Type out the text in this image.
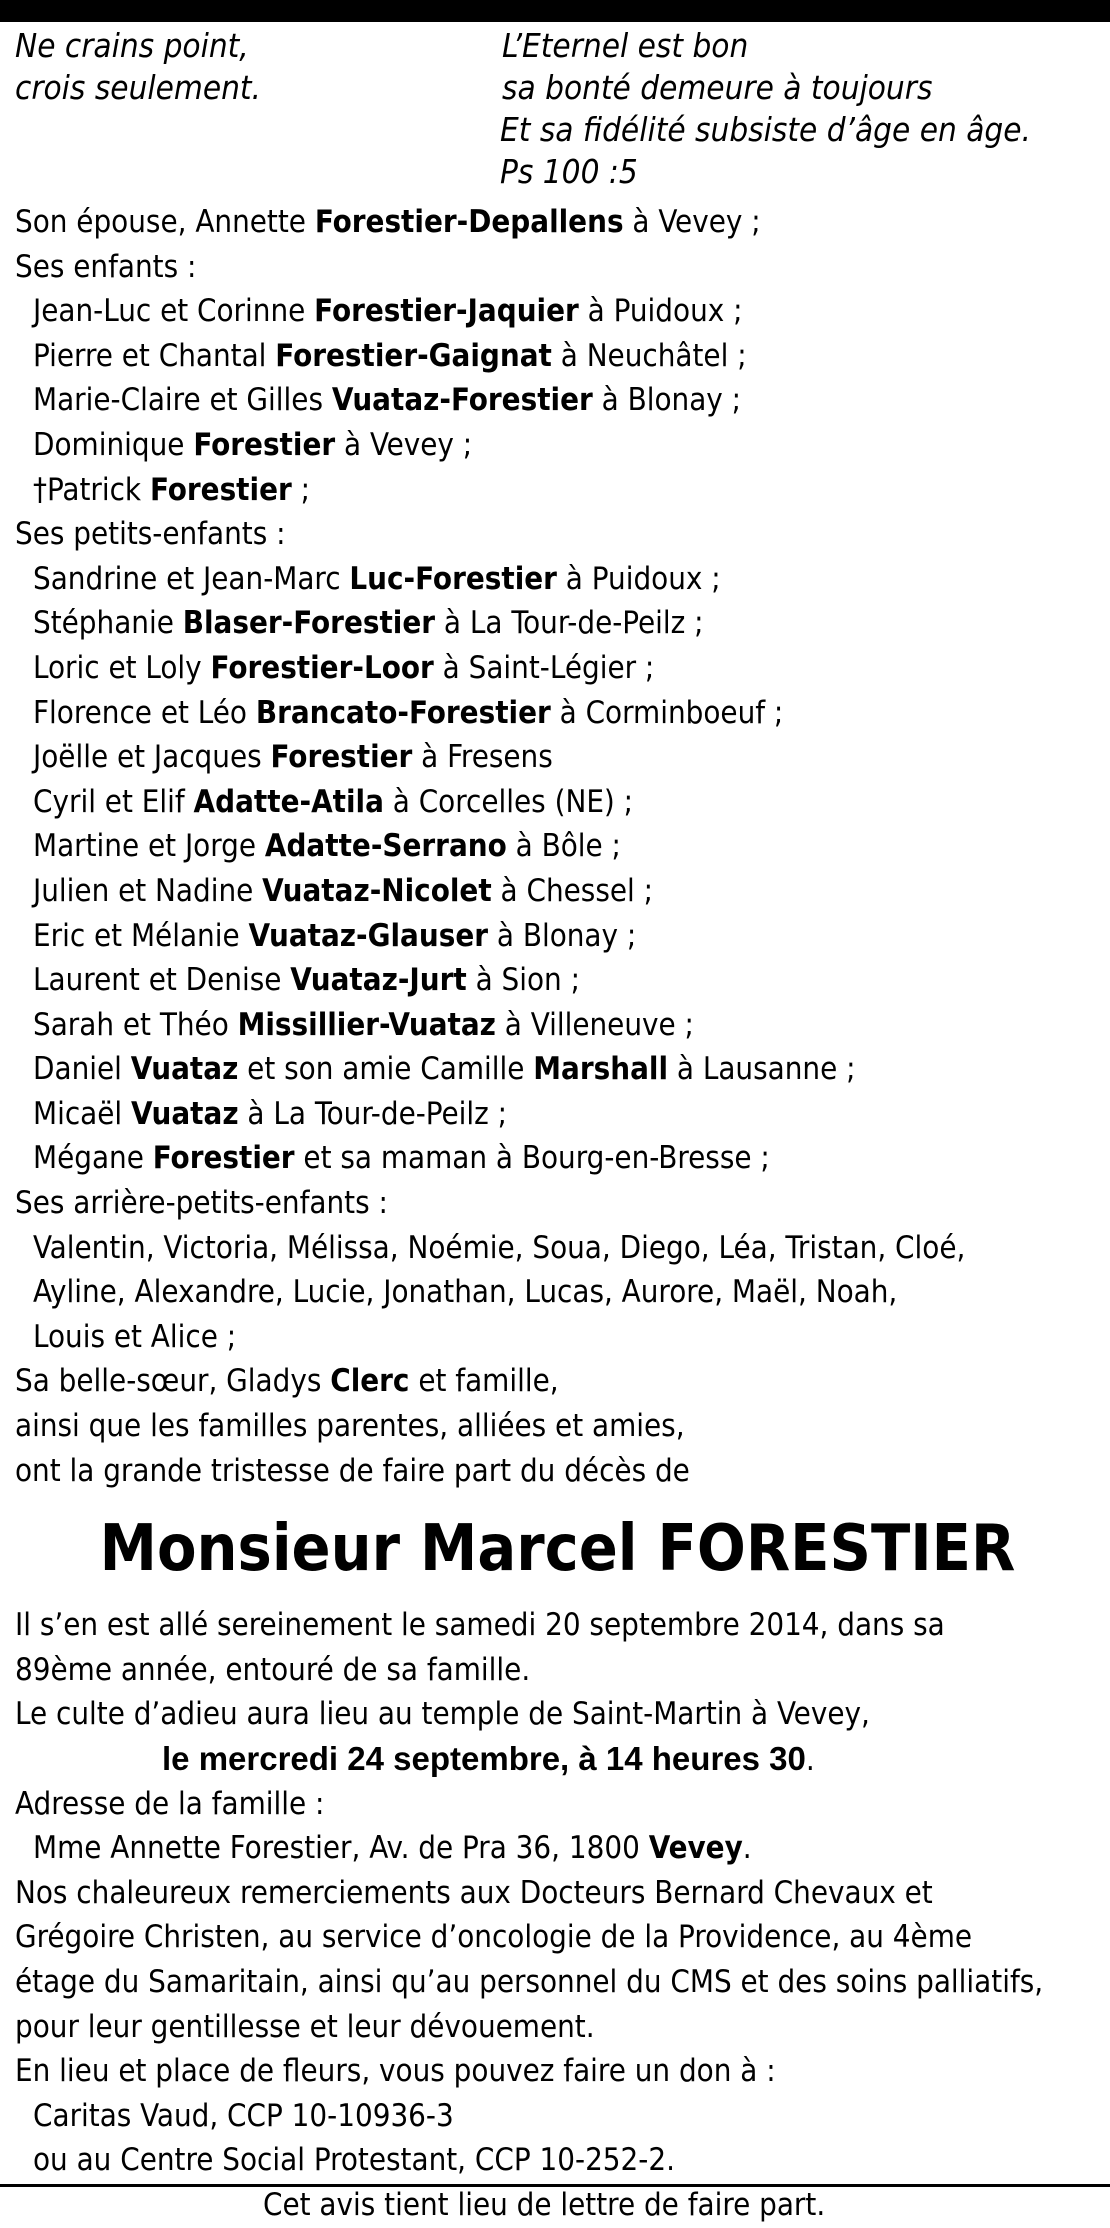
Ne crains point,
crois seulement.
L’Eternel est bon
sa bonté demeure à toujours
Et sa fidélité subsiste d’âge en âge.
Ps 100 :5
Son épouse, Annette Forestier-Depallens à Vevey ;
Ses enfants :
Jean-Luc et Corinne Forestier-Jaquier à Puidoux ;
Pierre et Chantal Forestier-Gaignat à Neuchâtel ;
Marie-Claire et Gilles Vuataz-Forestier à Blonay ;
Dominique Forestier à Vevey ;
†Patrick Forestier ;
Ses petits-enfants :
Sandrine et Jean-Marc Luc-Forestier à Puidoux ;
Stéphanie Blaser-Forestier à La Tour-de-Peilz ;
Loric et Loly Forestier-Loor à Saint-Légier ;
Florence et Léo Brancato-Forestier à Corminboeuf ;
Joëlle et Jacques Forestier à Fresens
Cyril et Elif Adatte-Atila à Corcelles (NE) ;
Martine et Jorge Adatte-Serrano à Bôle ;
Julien et Nadine Vuataz-Nicolet à Chessel ;
Eric et Mélanie Vuataz-Glauser à Blonay ;
Laurent et Denise Vuataz-Jurt à Sion ;
Sarah et Théo Missillier-Vuataz à Villeneuve ;
Daniel Vuataz et son amie Camille Marshall à Lausanne ;
Micaël Vuataz à La Tour-de-Peilz ;
Mégane Forestier et sa maman à Bourg-en-Bresse ;
Ses arrière-petits-enfants :
Valentin, Victoria, Mélissa, Noémie, Soua, Diego, Léa, Tristan, Cloé,
Ayline, Alexandre, Lucie, Jonathan, Lucas, Aurore, Maël, Noah,
Louis et Alice ;
Sa belle-sœur, Gladys Clerc et famille,
ainsi que les familles parentes, alliées et amies,
ont la grande tristesse de faire part du décès de
Monsieur Marcel FORESTIER
Il s’en est allé sereinement le samedi 20 septembre 2014, dans sa
89ème année, entouré de sa famille.
Le culte d’adieu aura lieu au temple de Saint-Martin à Vevey,
le mercredi 24 septembre, à 14 heures 30.
Adresse de la famille :
Mme Annette Forestier, Av. de Pra 36, 1800 Vevey.
Nos chaleureux remerciements aux Docteurs Bernard Chevaux et
Grégoire Christen, au service d’oncologie de la Providence, au 4ème
étage du Samaritain, ainsi qu’au personnel du CMS et des soins palliatifs,
pour leur gentillesse et leur dévouement.
En lieu et place de fleurs, vous pouvez faire un don à :
Caritas Vaud, CCP 10-10936-3
ou au Centre Social Protestant, CCP 10-252-2.
Cet avis tient lieu de lettre de faire part.
